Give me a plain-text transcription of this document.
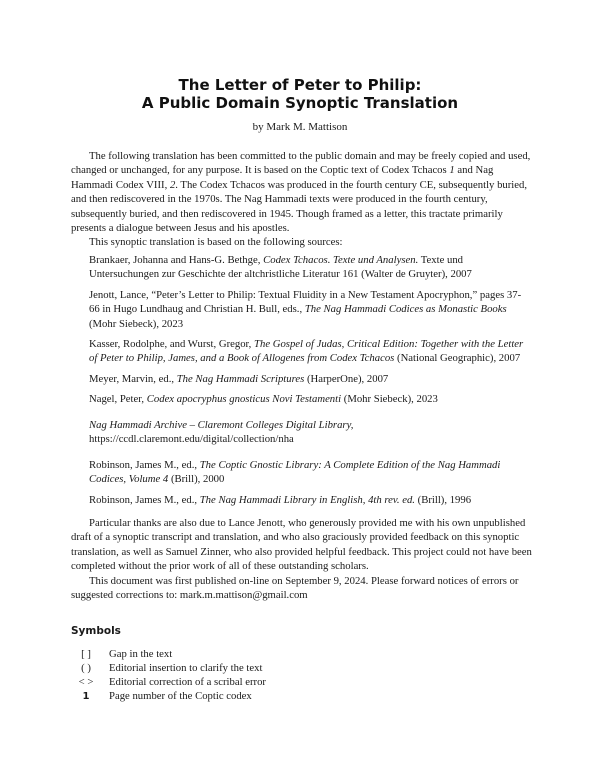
The Letter of Peter to Philip:
A Public Domain Synoptic Translation
by Mark M. Mattison

The following translation has been committed to the public domain and may be freely copied and used, changed or unchanged, for any purpose. It is based on the Coptic text of Codex Tchacos 1 and Nag Hammadi Codex VIII, 2. The Codex Tchacos was produced in the fourth century CE, subsequently buried, and then rediscovered in the 1970s. The Nag Hammadi texts were produced in the fourth century, subsequently buried, and then rediscovered in 1945. Though framed as a letter, this tractate primarily presents a dialogue between Jesus and his apostles.

This synoptic translation is based on the following sources:

Brankaer, Johanna and Hans-G. Bethge, Codex Tchacos. Texte und Analysen. Texte und Untersuchungen zur Geschichte der altchristliche Literatur 161 (Walter de Gruyter), 2007

Jenott, Lance, “Peter’s Letter to Philip: Textual Fluidity in a New Testament Apocryphon,” pages 37-66 in Hugo Lundhaug and Christian H. Bull, eds., The Nag Hammadi Codices as Monastic Books (Mohr Siebeck), 2023

Kasser, Rodolphe, and Wurst, Gregor, The Gospel of Judas, Critical Edition: Together with the Letter of Peter to Philip, James, and a Book of Allogenes from Codex Tchacos (National Geographic), 2007

Meyer, Marvin, ed., The Nag Hammadi Scriptures (HarperOne), 2007

Nagel, Peter, Codex apocryphus gnosticus Novi Testamenti (Mohr Siebeck), 2023

Nag Hammadi Archive – Claremont Colleges Digital Library, https://ccdl.claremont.edu/digital/collection/nha

Robinson, James M., ed., The Coptic Gnostic Library: A Complete Edition of the Nag Hammadi Codices, Volume 4 (Brill), 2000

Robinson, James M., ed., The Nag Hammadi Library in English, 4th rev. ed. (Brill), 1996

Particular thanks are also due to Lance Jenott, who generously provided me with his own unpublished draft of a synoptic transcript and translation, and who also graciously provided feedback on this synoptic translation, as well as Samuel Zinner, who also provided helpful feedback. This project could not have been completed without the prior work of all of these outstanding scholars.

This document was first published on-line on September 9, 2024. Please forward notices of errors or suggested corrections to: mark.m.mattison@gmail.com

Symbols
[ ]	Gap in the text
( )	Editorial insertion to clarify the text
< >	Editorial correction of a scribal error
1	Page number of the Coptic codex
